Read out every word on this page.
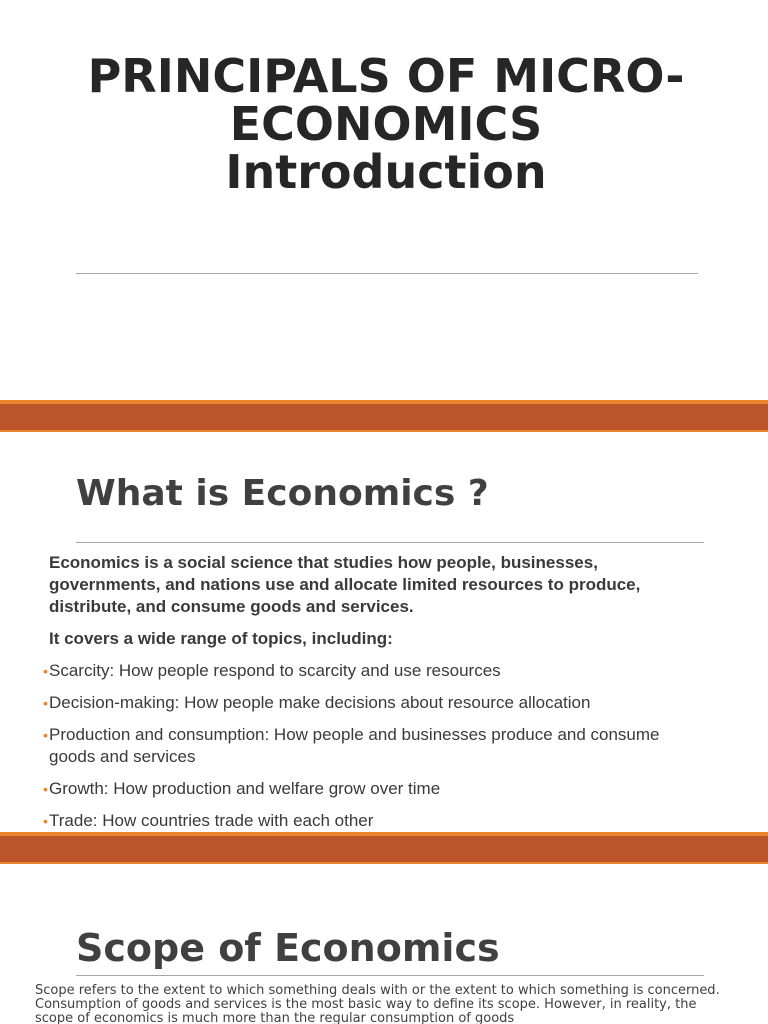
PRINCIPALS OF MICRO-
ECONOMICS
Introduction
What is Economics ?

Economics is a social science that studies how people, businesses, governments, and nations use and allocate limited resources to produce, distribute, and consume goods and services.

It covers a wide range of topics, including:

• Scarcity: How people respond to scarcity and use resources
• Decision-making: How people make decisions about resource allocation
• Production and consumption: How people and businesses produce and consume goods and services
• Growth: How production and welfare grow over time
• Trade: How countries trade with each other
Scope of Economics

Scope refers to the extent to which something deals with or the extent to which something is concerned. Consumption of goods and services is the most basic way to define its scope. However, in reality, the scope of economics is much more than the regular consumption of goods
